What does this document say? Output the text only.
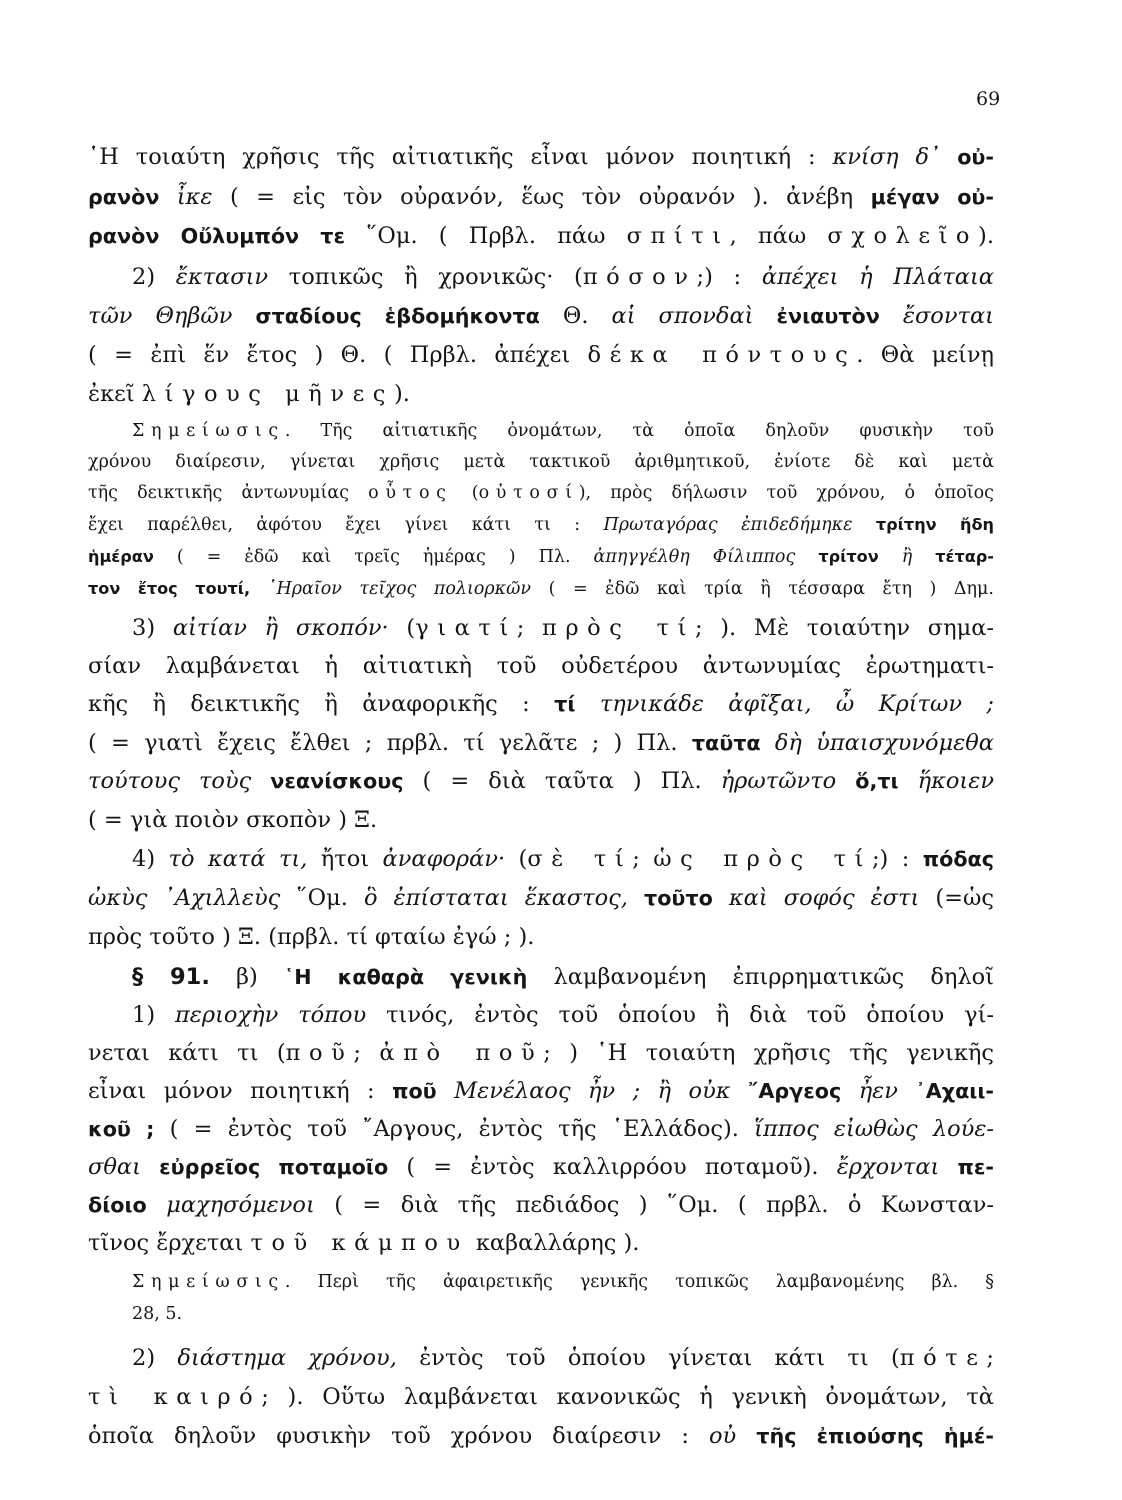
69
῾Η τοιαύτη χρῆσις τῆς αἰτιατικῆς εἶναι μόνον ποιητική : κνίση δ᾽ οὐ-
ρανὸν ἶκε ( = εἰς τὸν οὐρανόν, ἕως τὸν οὐρανόν ). ἀνέβη μέγαν οὐ-
ρανὸν Οὔλυμπόν τε ῞Ομ. ( Πρβλ. πάω σπίτι, πάω σχολεῖο).
2) ἔκτασιν τοπικῶς ἢ χρονικῶς· (πόσον;) : ἀπέχει ἡ Πλάταια
τῶν Θηβῶν σταδίους ἑβδομήκοντα Θ. αἱ σπονδαὶ ἐνιαυτὸν ἔσονται
( = ἐπὶ ἕν ἔτος ) Θ. ( Πρβλ. ἀπέχει δέκα πόντους. Θὰ μείνῃ
ἐκεῖ λίγους μῆνες).
Σημείωσις. Τῆς αἰτιατικῆς ὀνομάτων, τὰ ὁποῖα δηλοῦν φυσικὴν τοῦ
χρόνου διαίρεσιν, γίνεται χρῆσις μετὰ τακτικοῦ ἀριθμητικοῦ, ἐνίοτε δὲ καὶ μετὰ
τῆς δεικτικῆς ἀντωνυμίας οὗτος (οὑτοσί), πρὸς δήλωσιν τοῦ χρόνου, ὁ ὁποῖος
ἔχει παρέλθει, ἀφότου ἔχει γίνει κάτι τι : Πρωταγόρας ἐπιδεδήμηκε τρίτην ἤδη
ἡμέραν ( = ἐδῶ καὶ τρεῖς ἡμέρας ) Πλ. ἀπηγγέλθη Φίλιππος τρίτον ἢ τέταρ-
τον ἔτος τουτί, ῾Ηραῖον τεῖχος πολιορκῶν ( = ἐδῶ καὶ τρία ἢ τέσσαρα ἔτη ) Δημ.
3) αἰτίαν ἢ σκοπόν· (γιατί; πρὸς τί; ). Μὲ τοιαύτην σημα-
σίαν λαμβάνεται ἡ αἰτιατικὴ τοῦ οὐδετέρου ἀντωνυμίας ἐρωτηματι-
κῆς ἢ δεικτικῆς ἢ ἀναφορικῆς : τί τηνικάδε ἀφῖξαι, ὦ Κρίτων ;
( = γιατὶ ἔχεις ἔλθει ; πρβλ. τί γελᾶτε ; ) Πλ. ταῦτα δὴ ὑπαισχυνόμεθα
τούτους τοὺς νεανίσκους ( = διὰ ταῦτα ) Πλ. ἠρωτῶντο ὅ,τι ἥκοιεν
( = γιὰ ποιὸν σκοπὸν ) Ξ.
4) τὸ κατά τι, ἤτοι ἀναφοράν· (σὲ τί; ὡς πρὸς τί;) : πόδας
ὠκὺς ᾽Αχιλλεὺς ῞Ομ. ὃ ἐπίσταται ἕκαστος, τοῦτο καὶ σοφός ἐστι (=ὡς
πρὸς τοῦτο ) Ξ. (πρβλ. τί φταίω ἐγώ ; ).
§ 91. β) ῾Η καθαρὰ γενικὴ λαμβανομένη ἐπιρρηματικῶς δηλοῖ
1) περιοχὴν τόπου τινός, ἐντὸς τοῦ ὁποίου ἢ διὰ τοῦ ὁποίου γί-
νεται κάτι τι (ποῦ; ἀπὸ ποῦ; ) ῾Η τοιαύτη χρῆσις τῆς γενικῆς
εἶναι μόνον ποιητική : ποῦ Μενέλαος ἦν ; ἢ οὐκ ῎Αργεος ἦεν ᾽Αχαιι-
κοῦ ; ( = ἐντὸς τοῦ ῎Αργους, ἐντὸς τῆς ῾Ελλάδος). ἵππος εἰωθὼς λούε-
σθαι εὐρρεῖος ποταμοῖο ( = ἐντὸς καλλιρρόου ποταμοῦ). ἔρχονται πε-
δίοιο μαχησόμενοι ( = διὰ τῆς πεδιάδος ) ῞Ομ. ( πρβλ. ὁ Κωνσταν-
τῖνος ἔρχεται τοῦ κάμπου καβαλλάρης ).
Σημείωσις. Περὶ τῆς ἀφαιρετικῆς γενικῆς τοπικῶς λαμβανομένης βλ. §
28, 5.
2) διάστημα χρόνου, ἐντὸς τοῦ ὁποίου γίνεται κάτι τι (πότε;
τὶ καιρό; ). Οὕτω λαμβάνεται κανονικῶς ἡ γενικὴ ὀνομάτων, τὰ
ὁποῖα δηλοῦν φυσικὴν τοῦ χρόνου διαίρεσιν : οὐ τῆς ἐπιούσης ἡμέ-
